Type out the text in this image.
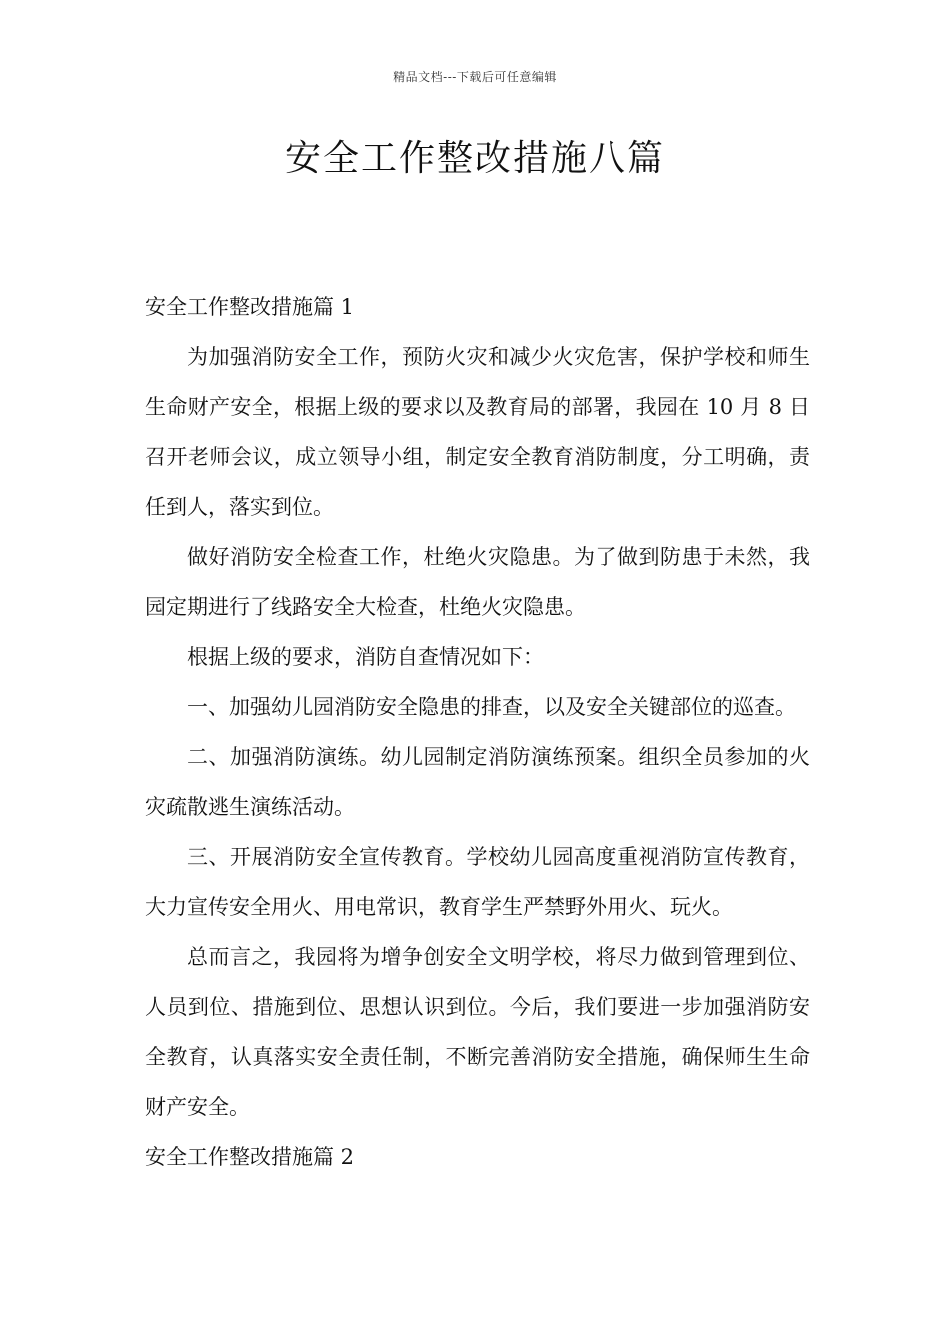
精品文档---下载后可任意编辑
安全工作整改措施八篇
安全工作整改措施篇 1

为加强消防安全工作，预防火灾和减少火灾危害，保护学校和师生生命财产安全，根据上级的要求以及教育局的部署，我园在 10 月 8 日召开老师会议，成立领导小组，制定安全教育消防制度，分工明确，责任到人，落实到位。

做好消防安全检查工作，杜绝火灾隐患。为了做到防患于未然，我园定期进行了线路安全大检查，杜绝火灾隐患。

根据上级的要求，消防自查情况如下：

一、加强幼儿园消防安全隐患的排查，以及安全关键部位的巡查。

二、加强消防演练。幼儿园制定消防演练预案。组织全员参加的火灾疏散逃生演练活动。

三、开展消防安全宣传教育。学校幼儿园高度重视消防宣传教育，大力宣传安全用火、用电常识，教育学生严禁野外用火、玩火。

总而言之，我园将为增争创安全文明学校，将尽力做到管理到位、人员到位、措施到位、思想认识到位。今后，我们要进一步加强消防安全教育，认真落实安全责任制，不断完善消防安全措施，确保师生生命财产安全。

安全工作整改措施篇 2
